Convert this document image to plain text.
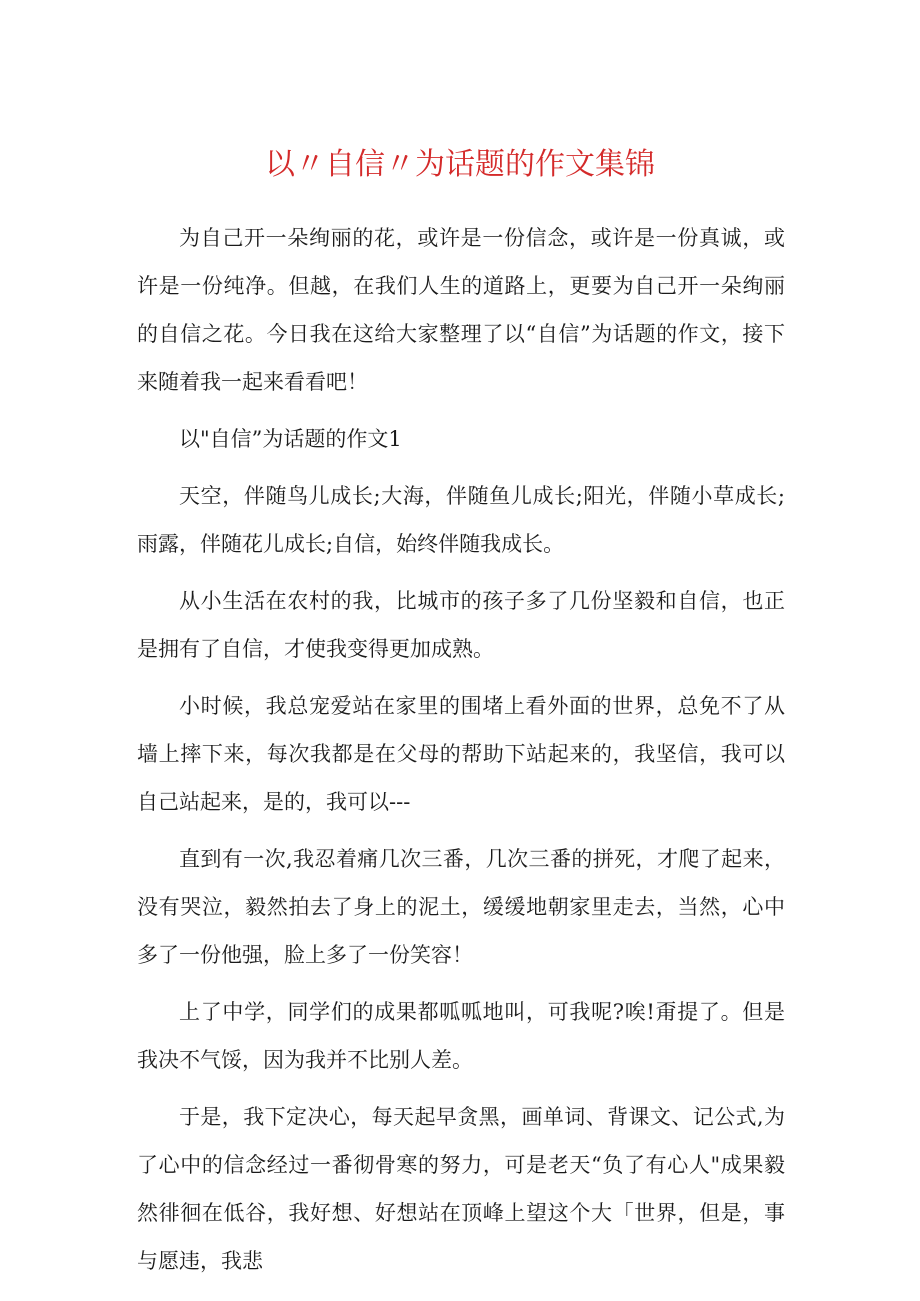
以〃自信〃为话题的作文集锦

为自己开一朵绚丽的花，或许是一份信念，或许是一份真诚，或许是一份纯净。但越，在我们人生的道路上，更要为自己开一朵绚丽的自信之花。今日我在这给大家整理了以“自信”为话题的作文，接下来随着我一起来看看吧！

以"自信”为话题的作文1

天空，伴随鸟儿成长;大海，伴随鱼儿成长;阳光，伴随小草成长;雨露，伴随花儿成长;自信，始终伴随我成长。

从小生活在农村的我，比城市的孩子多了几份坚毅和自信，也正是拥有了自信，才使我变得更加成熟。

小时候，我总宠爱站在家里的围堵上看外面的世界，总免不了从墙上摔下来，每次我都是在父母的帮助下站起来的，我坚信，我可以自己站起来，是的，我可以---

直到有一次,我忍着痛几次三番，几次三番的拼死，才爬了起来，没有哭泣，毅然拍去了身上的泥土，缓缓地朝家里走去，当然，心中多了一份他强，脸上多了一份笑容！

上了中学，同学们的成果都呱呱地叫，可我呢?唉!甭提了。但是我决不气馁，因为我并不比别人差。

于是，我下定决心，每天起早贪黑，画单词、背课文、记公式,为了心中的信念经过一番彻骨寒的努力，可是老天“负了有心人"成果毅然徘徊在低谷，我好想、好想站在顶峰上望这个大「世界，但是，事与愿违，我悲
